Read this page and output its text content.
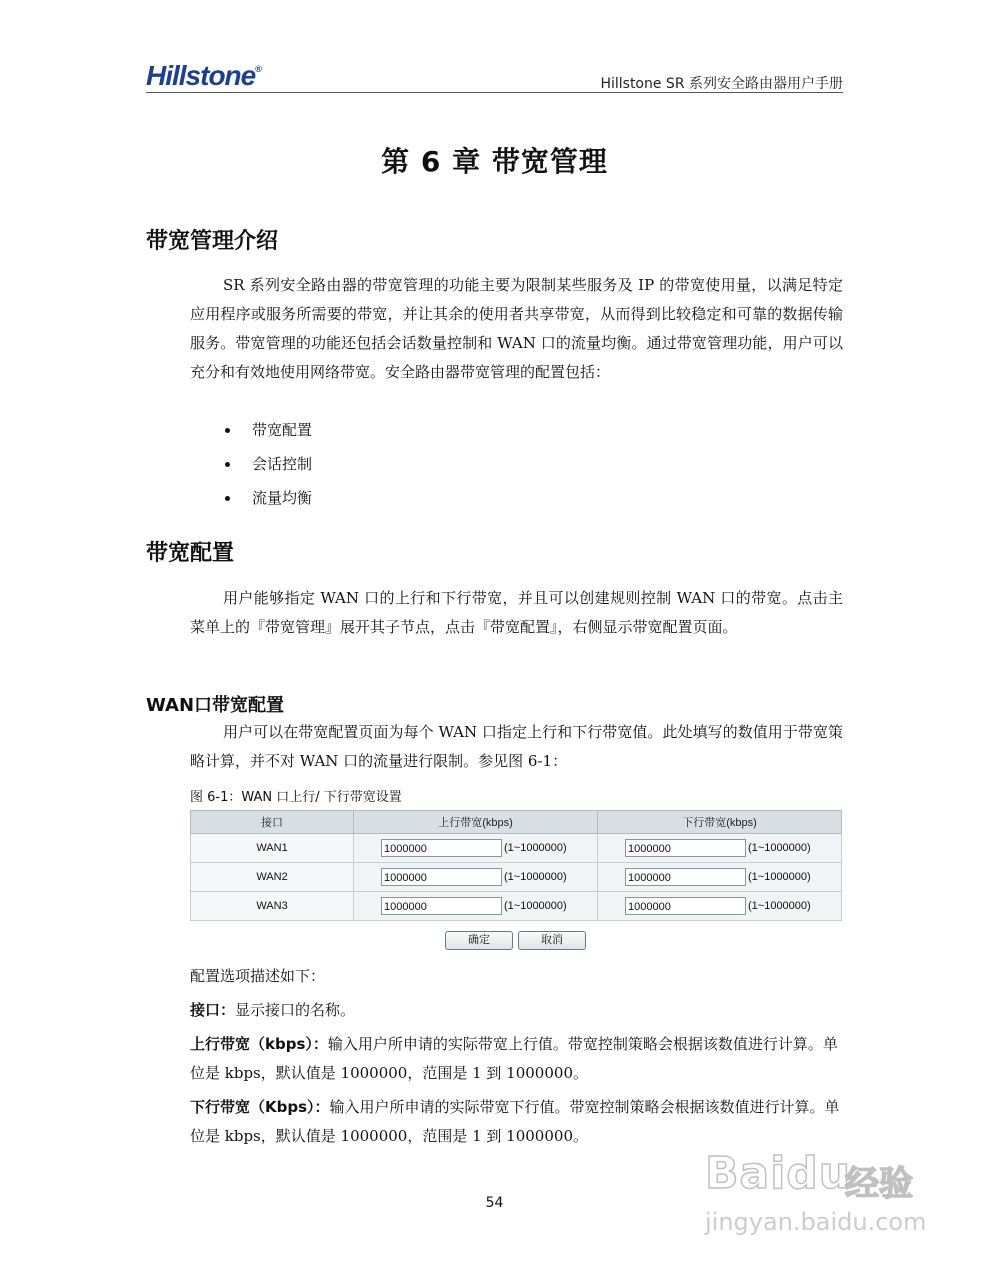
Hillstone®
Hillstone SR 系列安全路由器用户手册
第 6 章 带宽管理
带宽管理介绍
SR 系列安全路由器的带宽管理的功能主要为限制某些服务及 IP 的带宽使用量，以满足特定应用程序或服务所需要的带宽，并让其余的使用者共享带宽，从而得到比较稳定和可靠的数据传输服务。带宽管理的功能还包括会话数量控制和 WAN 口的流量均衡。通过带宽管理功能，用户可以充分和有效地使用网络带宽。安全路由器带宽管理的配置包括：
带宽配置
会话控制
流量均衡
带宽配置
用户能够指定 WAN 口的上行和下行带宽，并且可以创建规则控制 WAN 口的带宽。点击主菜单上的『带宽管理』展开其子节点，点击『带宽配置』，右侧显示带宽配置页面。
WAN口带宽配置
用户可以在带宽配置页面为每个 WAN 口指定上行和下行带宽值。此处填写的数值用于带宽策略计算，并不对 WAN 口的流量进行限制。参见图 6-1：
图 6-1：WAN 口上行/ 下行带宽设置
接口	上行带宽(kbps)	下行带宽(kbps)
WAN1	1000000 (1~1000000)	1000000 (1~1000000)
WAN2	1000000 (1~1000000)	1000000 (1~1000000)
WAN3	1000000 (1~1000000)	1000000 (1~1000000)
确定	取消
配置选项描述如下：
接口：显示接口的名称。
上行带宽（kbps）：输入用户所申请的实际带宽上行值。带宽控制策略会根据该数值进行计算。单位是 kbps，默认值是 1000000，范围是 1 到 1000000。
下行带宽（Kbps）：输入用户所申请的实际带宽下行值。带宽控制策略会根据该数值进行计算。单位是 kbps，默认值是 1000000，范围是 1 到 1000000。
54
Baidu
经验
jingyan.baidu.com
